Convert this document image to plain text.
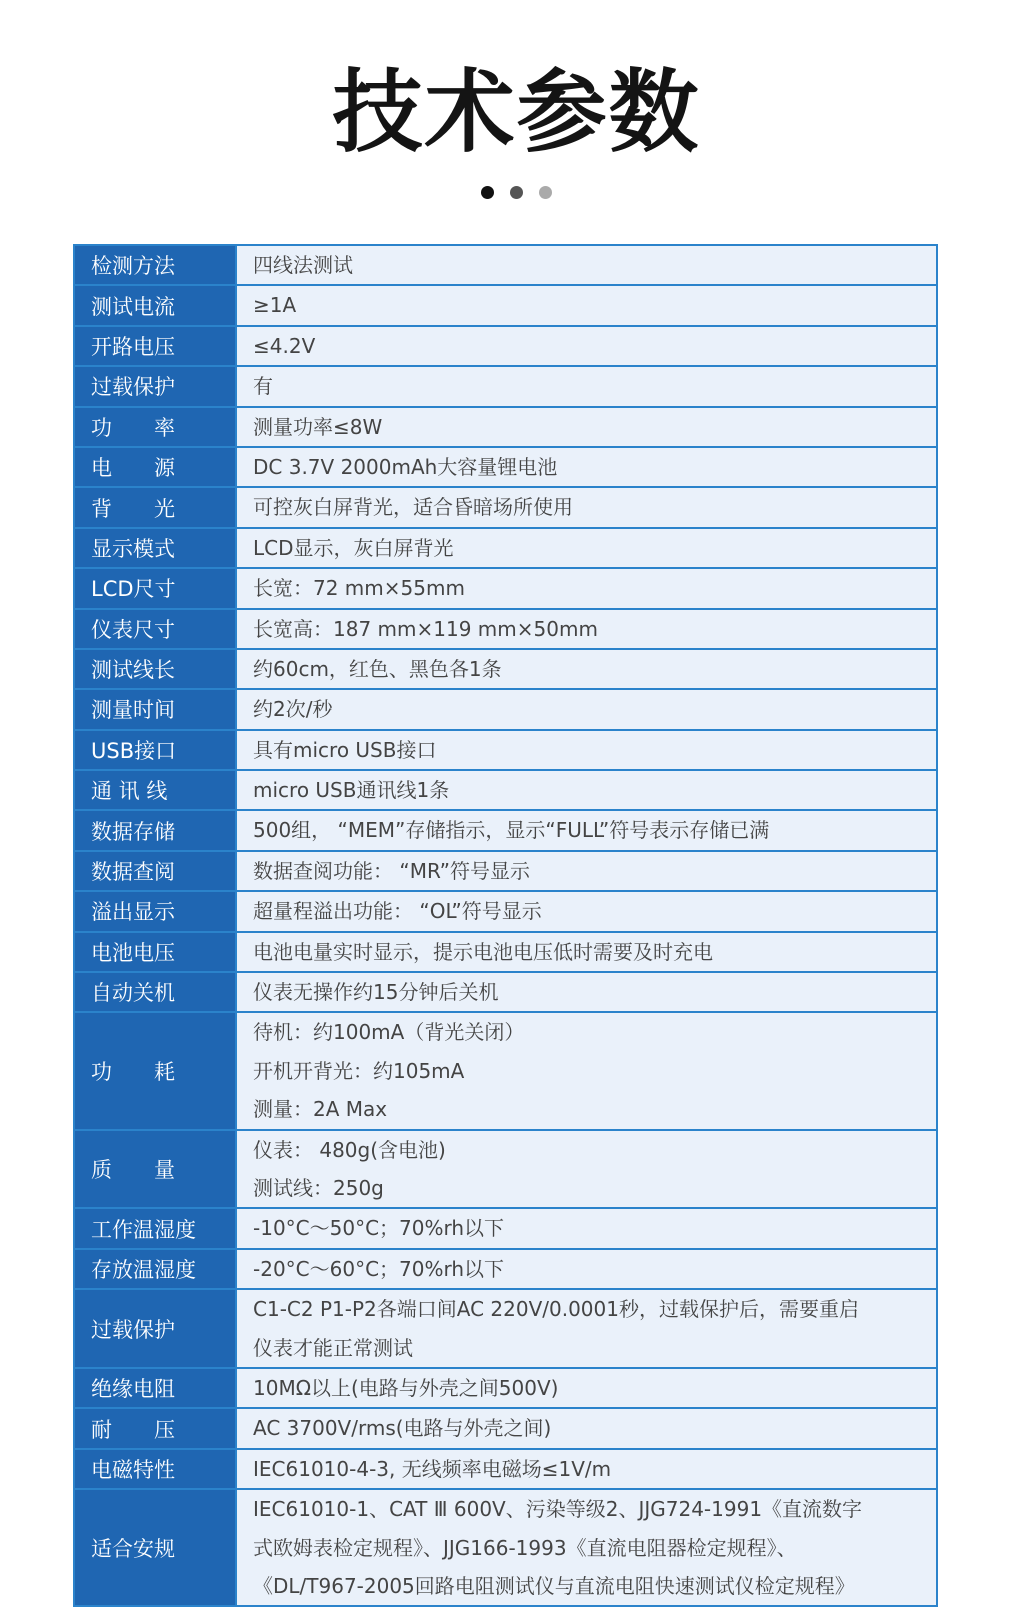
技术参数

检测方法	四线法测试

测试电流	≥1A

开路电压	≤4.2V

过载保护	有

功　　率	测量功率≤8W

电　　源	DC 3.7V 2000mAh大容量锂电池

背　　光	可控灰白屏背光，适合昏暗场所使用

显示模式	LCD显示，灰白屏背光

LCD尺寸	长宽：72 mm×55mm

仪表尺寸	长宽高：187 mm×119 mm×50mm

测试线长	约60cm，红色、黑色各1条

测量时间	约2次/秒

USB接口	具有micro USB接口

通 讯 线	micro USB通讯线1条

数据存储	500组， “MEM”存储指示，显示“FULL”符号表示存储已满

数据查阅	数据查阅功能： “MR”符号显示

溢出显示	超量程溢出功能： “OL”符号显示

电池电压	电池电量实时显示，提示电池电压低时需要及时充电

自动关机	仪表无操作约15分钟后关机

功　　耗	待机：约100mA（背光关闭）
开机开背光：约105mA
测量：2A Max

质　　量	仪表： 480g(含电池)
测试线：250g

工作温湿度	-10°C～50°C；70%rh以下

存放温湿度	-20°C～60°C；70%rh以下

过载保护	C1-C2 P1-P2各端口间AC 220V/0.0001秒，过载保护后，需要重启
仪表才能正常测试

绝缘电阻	10MΩ以上(电路与外壳之间500V)

耐　　压	AC 3700V/rms(电路与外壳之间)

电磁特性	IEC61010-4-3, 无线频率电磁场≤1V/m

适合安规	IEC61010-1、CAT Ⅲ 600V、污染等级2、JJG724-1991《直流数字
式欧姆表检定规程》、JJG166-1993《直流电阻器检定规程》、
《DL/T967-2005回路电阻测试仪与直流电阻快速测试仪检定规程》
